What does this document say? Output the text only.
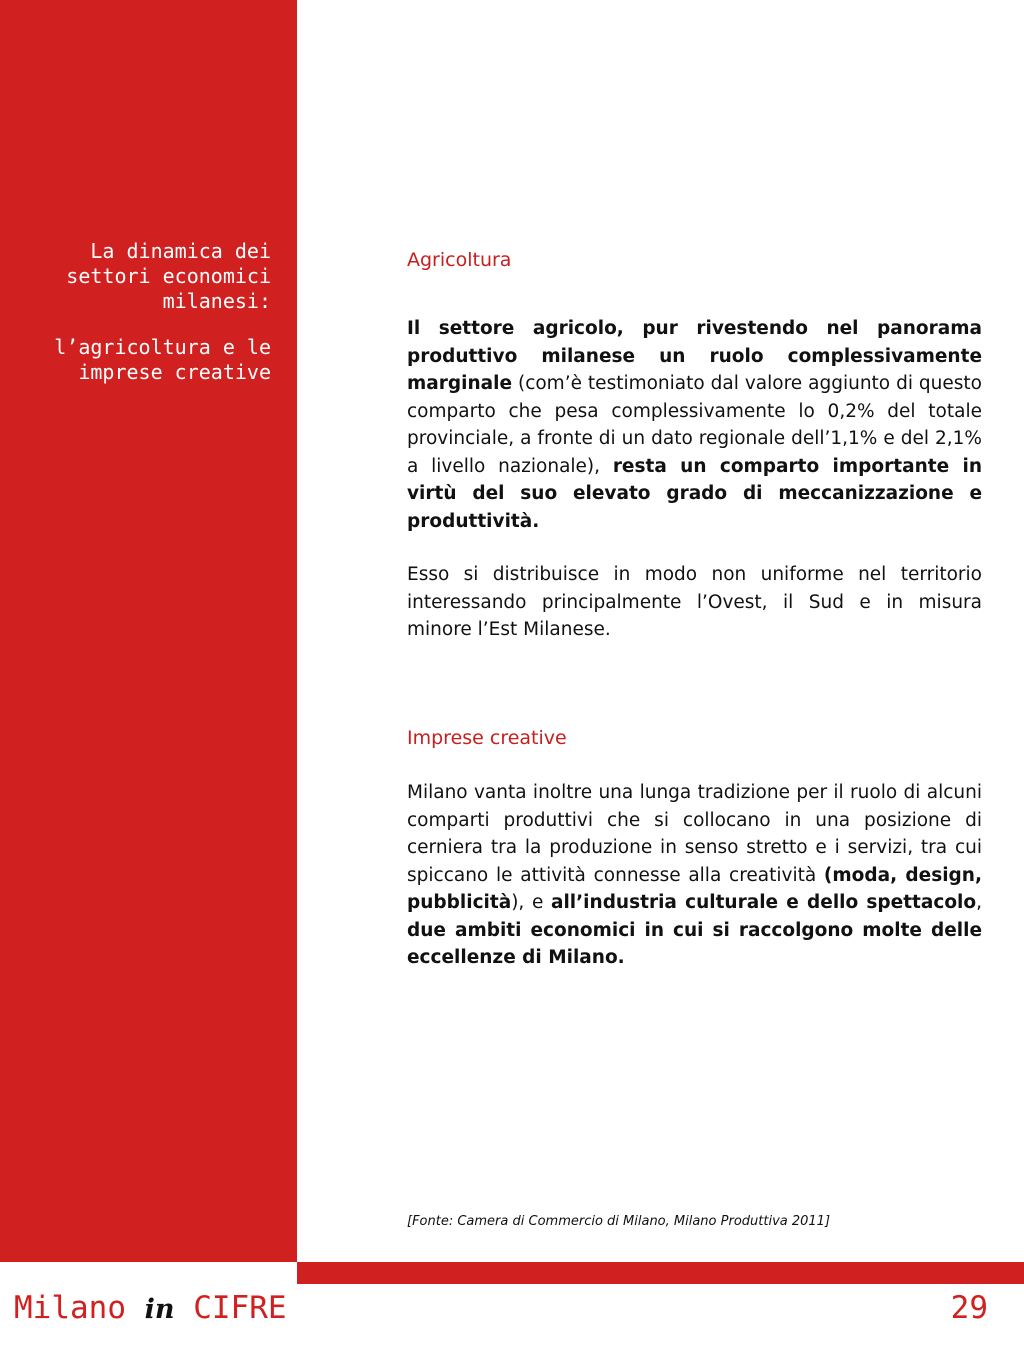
La dinamica dei settori economici milanesi:

l’agricoltura e le imprese creative

Agricoltura

Il settore agricolo, pur rivestendo nel panorama produttivo milanese un ruolo complessivamente marginale (com’è testimoniato dal valore aggiunto di questo comparto che pesa complessivamente lo 0,2% del totale provinciale, a fronte di un dato regionale dell’1,1% e del 2,1% a livello nazionale), resta un comparto importante in virtù del suo elevato grado di meccanizzazione e produttività.

Esso si distribuisce in modo non uniforme nel territorio interessando principalmente l’Ovest, il Sud e in misura minore l’Est Milanese.

Imprese creative

Milano vanta inoltre una lunga tradizione per il ruolo di alcuni comparti produttivi che si collocano in una posizione di cerniera tra la produzione in senso stretto e i servizi, tra cui spiccano le attività connesse alla creatività (moda, design, pubblicità), e all’industria culturale e dello spettacolo, due ambiti economici in cui si raccolgono molte delle eccellenze di Milano.

[Fonte: Camera di Commercio di Milano, Milano Produttiva 2011]

Milano in CIFRE	29
